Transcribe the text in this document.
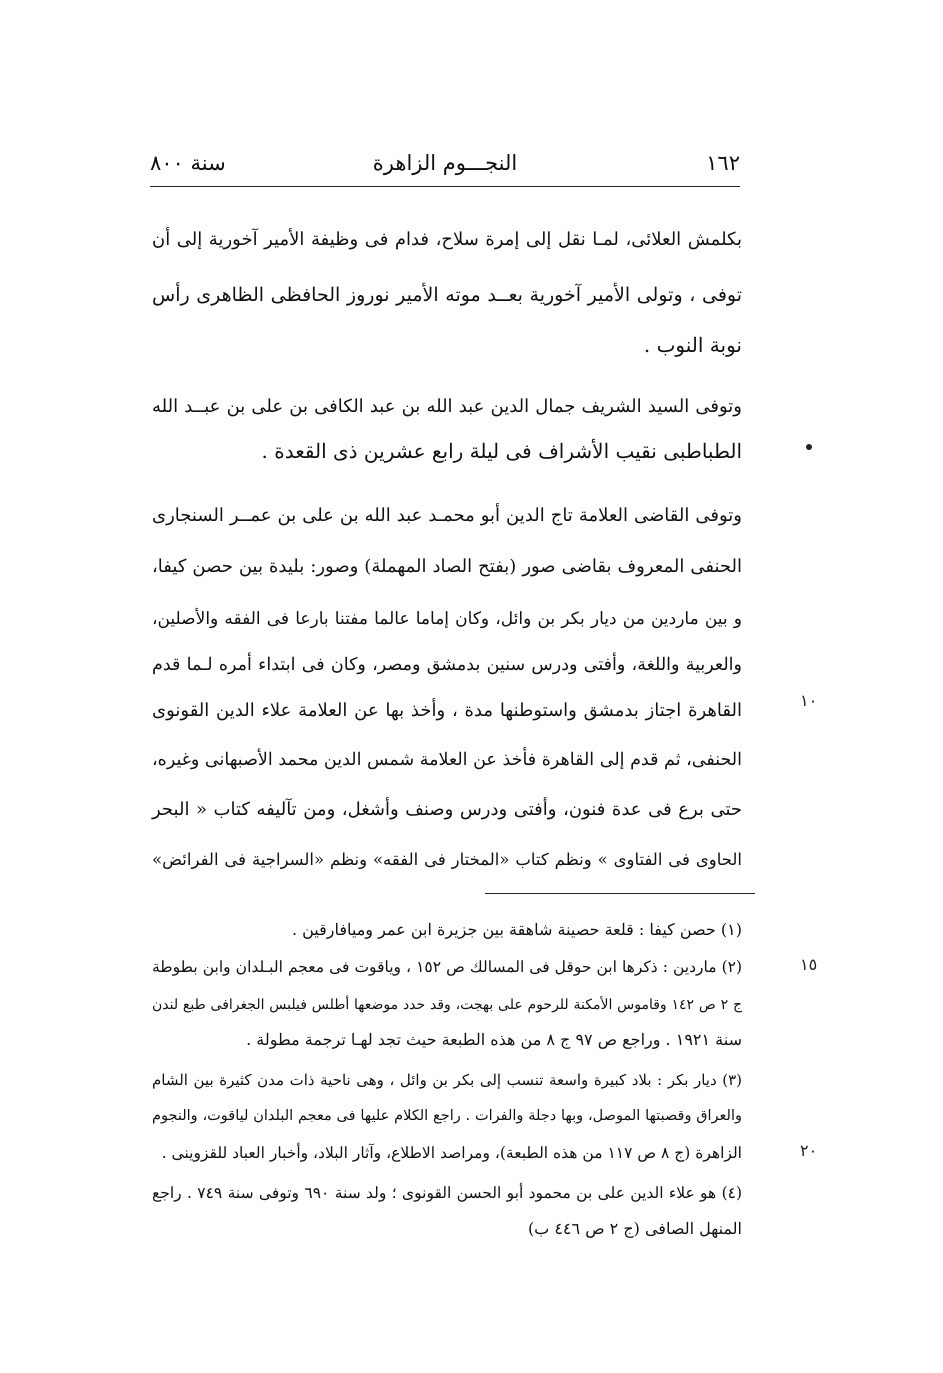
١٦٢
النجـــوم الزاهرة
سنة ٨٠٠
بكلمش العلائى، لمـا نقل إلى إمرة سلاح، فدام فى وظيفة الأمير آخورية إلى أن
توفى ، وتولى الأمير آخورية بعــد موته الأمير نوروز الحافظى الظاهرى رأس
نوبة النوب .
وتوفى السيد الشريف جمال الدين عبد الله بن عبد الكافى بن على بن عبــد الله
الطباطبى نقيب الأشراف فى ليلة رابع عشرين ذى القعدة .
وتوفى القاضى العلامة تاج الدين أبو محمـد عبد الله بن على بن عمــر السنجارى
الحنفى المعروف بقاضى صور (بفتح الصاد المهملة) وصور: بليدة بين حصن كيفا،
و بين ماردين من ديار بكر بن وائل، وكان إماما عالما مفتنا بارعا فى الفقه والأصلين،
والعربية واللغة، وأفتى ودرس سنين بدمشق ومصر، وكان فى ابتداء أمره لـما قدم
القاهرة اجتاز بدمشق واستوطنها مدة ، وأخذ بها عن العلامة علاء الدين القونوى
الحنفى، ثم قدم إلى القاهرة فأخذ عن العلامة شمس الدين محمد الأصبهانى وغيره،
حتى برع فى عدة فنون، وأفتى ودرس وصنف وأشغل، ومن تآليفه كتاب « البحر
الحاوى فى الفتاوى » ونظم كتاب «المختار فى الفقه» ونظم «السراجية فى الفرائض»
(١) حصن كيفا : قلعة حصينة شاهقة بين جزيرة ابن عمر وميافارقين .
(٢) ماردين : ذكرها ابن حوقل فى المسالك ص ١٥٢ ، وياقوت فى معجم البـلدان وابن بطوطة
ج ٢ ص ١٤٢ وقاموس الأمكنة للرحوم على بهجت، وقد حدد موضعها أطلس فيلبس الجغرافى طبع لندن
سنة ١٩٢١ . وراجع ص ٩٧ ج ٨ من هذه الطبعة حيث تجد لهـا ترجمة مطولة .
(٣) ديار بكر : بلاد كبيرة واسعة تنسب إلى بكر بن وائل ، وهى ناحية ذات مدن كثيرة بين الشام
والعراق وقصبتها الموصل، وبها دجلة والفرات . راجع الكلام عليها فى معجم البلدان لياقوت، والنجوم
الزاهرة (ج ٨ ص ١١٧ من هذه الطبعة)، ومراصد الاطلاع، وآثار البلاد، وأخبار العباد للقزوينى .
(٤) هو علاء الدين على بن محمود أبو الحسن القونوى ؛ ولد سنة ٦٩٠ وتوفى سنة ٧٤٩ . راجع
المنهل الصافى (ج ٢ ص ٤٤٦ ب)
١٠
١٥
٢٠
